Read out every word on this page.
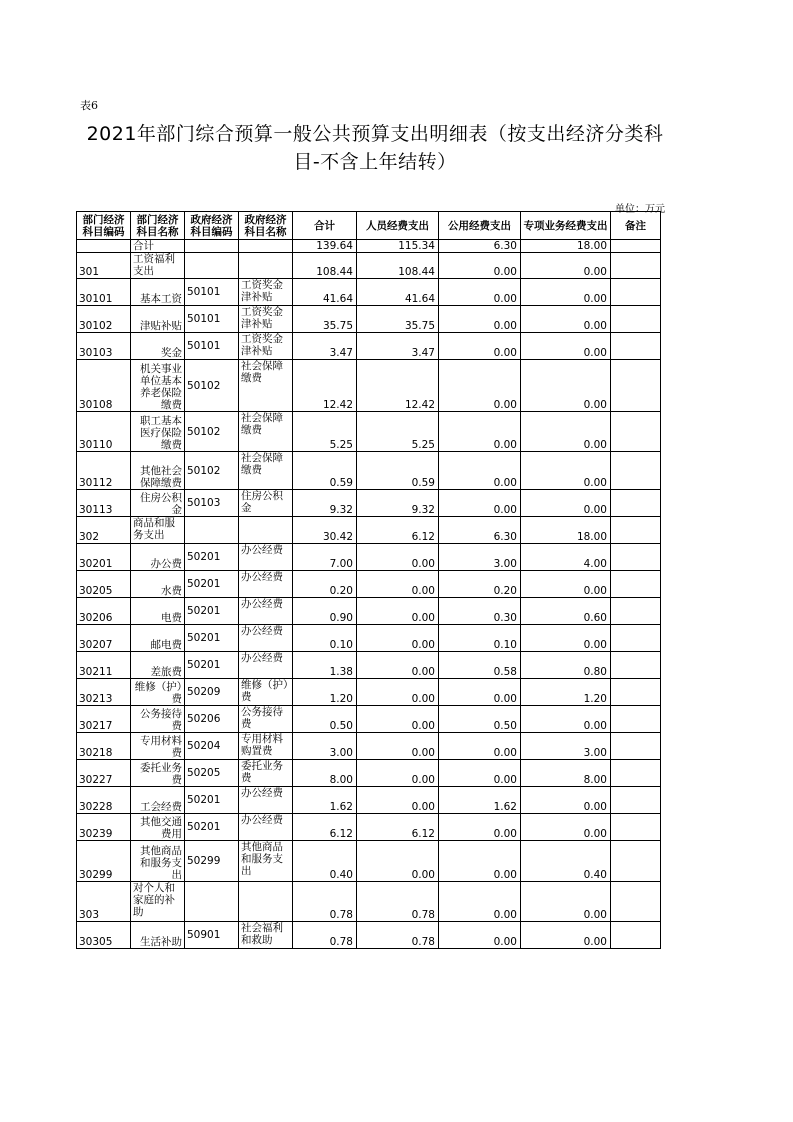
表6
2021年部门综合预算一般公共预算支出明细表（按支出经济分类科目-不含上年结转）
单位：万元
部门经济科目编码	部门经济科目名称	政府经济科目编码	政府经济科目名称	合计	人员经费支出	公用经费支出	专项业务经费支出	备注
	合计			139.64	115.34	6.30	18.00	
301	工资福利支出			108.44	108.44	0.00	0.00	
30101	基本工资	50101	工资奖金津补贴	41.64	41.64	0.00	0.00	
30102	津贴补贴	50101	工资奖金津补贴	35.75	35.75	0.00	0.00	
30103	奖金	50101	工资奖金津补贴	3.47	3.47	0.00	0.00	
30108	机关事业单位基本养老保险缴费	50102	社会保障缴费	12.42	12.42	0.00	0.00	
30110	职工基本医疗保险缴费	50102	社会保障缴费	5.25	5.25	0.00	0.00	
30112	其他社会保障缴费	50102	社会保障缴费	0.59	0.59	0.00	0.00	
30113	住房公积金	50103	住房公积金	9.32	9.32	0.00	0.00	
302	商品和服务支出			30.42	6.12	6.30	18.00	
30201	办公费	50201	办公经费	7.00	0.00	3.00	4.00	
30205	水费	50201	办公经费	0.20	0.00	0.20	0.00	
30206	电费	50201	办公经费	0.90	0.00	0.30	0.60	
30207	邮电费	50201	办公经费	0.10	0.00	0.10	0.00	
30211	差旅费	50201	办公经费	1.38	0.00	0.58	0.80	
30213	维修（护）费	50209	维修（护）费	1.20	0.00	0.00	1.20	
30217	公务接待费	50206	公务接待费	0.50	0.00	0.50	0.00	
30218	专用材料费	50204	专用材料购置费	3.00	0.00	0.00	3.00	
30227	委托业务费	50205	委托业务费	8.00	0.00	0.00	8.00	
30228	工会经费	50201	办公经费	1.62	0.00	1.62	0.00	
30239	其他交通费用	50201	办公经费	6.12	6.12	0.00	0.00	
30299	其他商品和服务支出	50299	其他商品和服务支出	0.40	0.00	0.00	0.40	
303	对个人和家庭的补助			0.78	0.78	0.00	0.00	
30305	生活补助	50901	社会福利和救助	0.78	0.78	0.00	0.00	
